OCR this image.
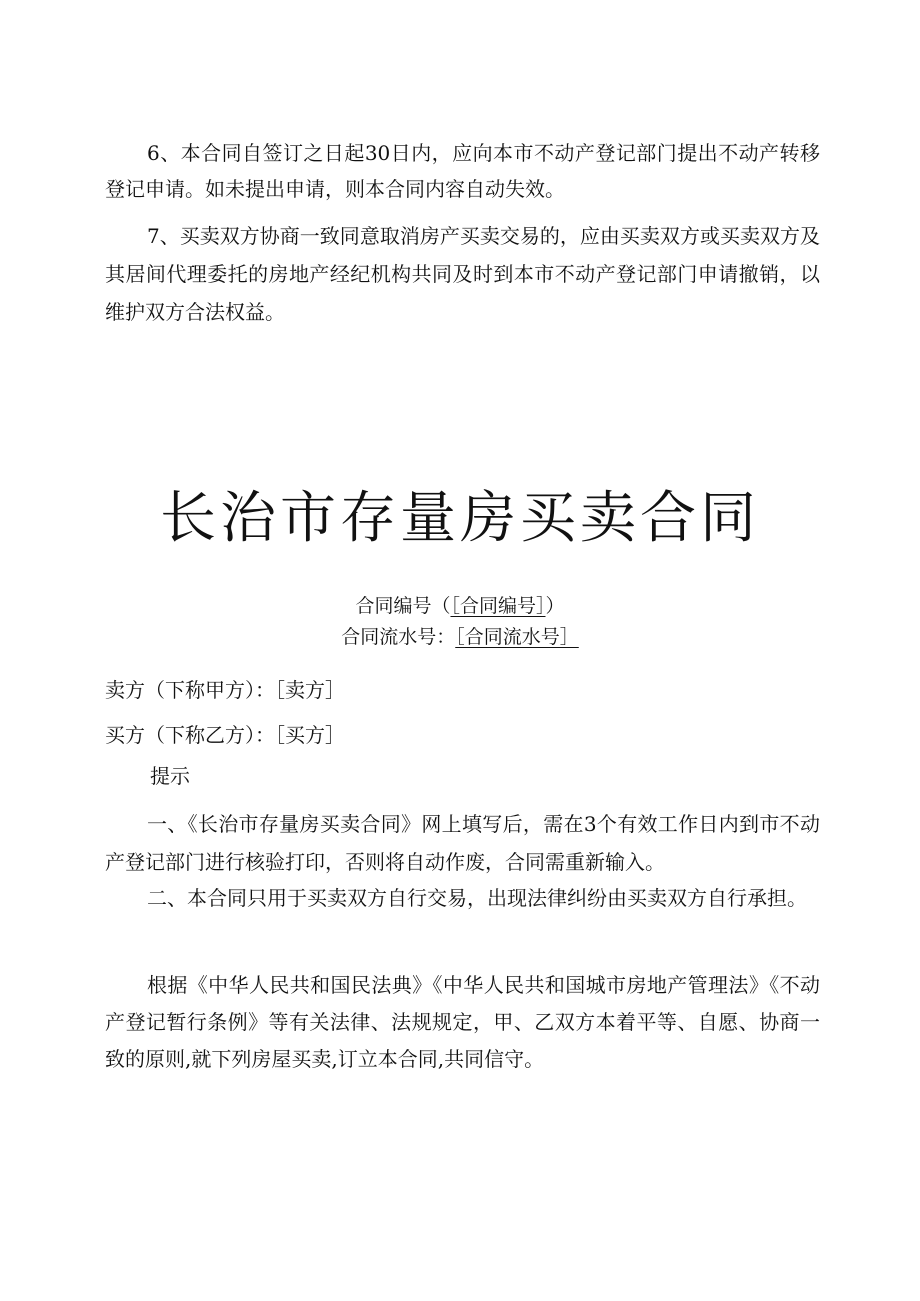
6、本合同自签订之日起30日内，应向本市不动产登记部门提出不动产转移登记申请。如未提出申请，则本合同内容自动失效。

7、买卖双方协商一致同意取消房产买卖交易的，应由买卖双方或买卖双方及其居间代理委托的房地产经纪机构共同及时到本市不动产登记部门申请撤销，以维护双方合法权益。

长治市存量房买卖合同

合同编号（［合同编号］）

合同流水号：［合同流水号］

卖方（下称甲方）：［卖方］

买方（下称乙方）：［买方］

提示

一、《长治市存量房买卖合同》网上填写后，需在3个有效工作日内到市不动产登记部门进行核验打印，否则将自动作废，合同需重新输入。

二、本合同只用于买卖双方自行交易，出现法律纠纷由买卖双方自行承担。

根据《中华人民共和国民法典》《中华人民共和国城市房地产管理法》《不动产登记暂行条例》等有关法律、法规规定，甲、乙双方本着平等、自愿、协商一致的原则,就下列房屋买卖,订立本合同,共同信守。
